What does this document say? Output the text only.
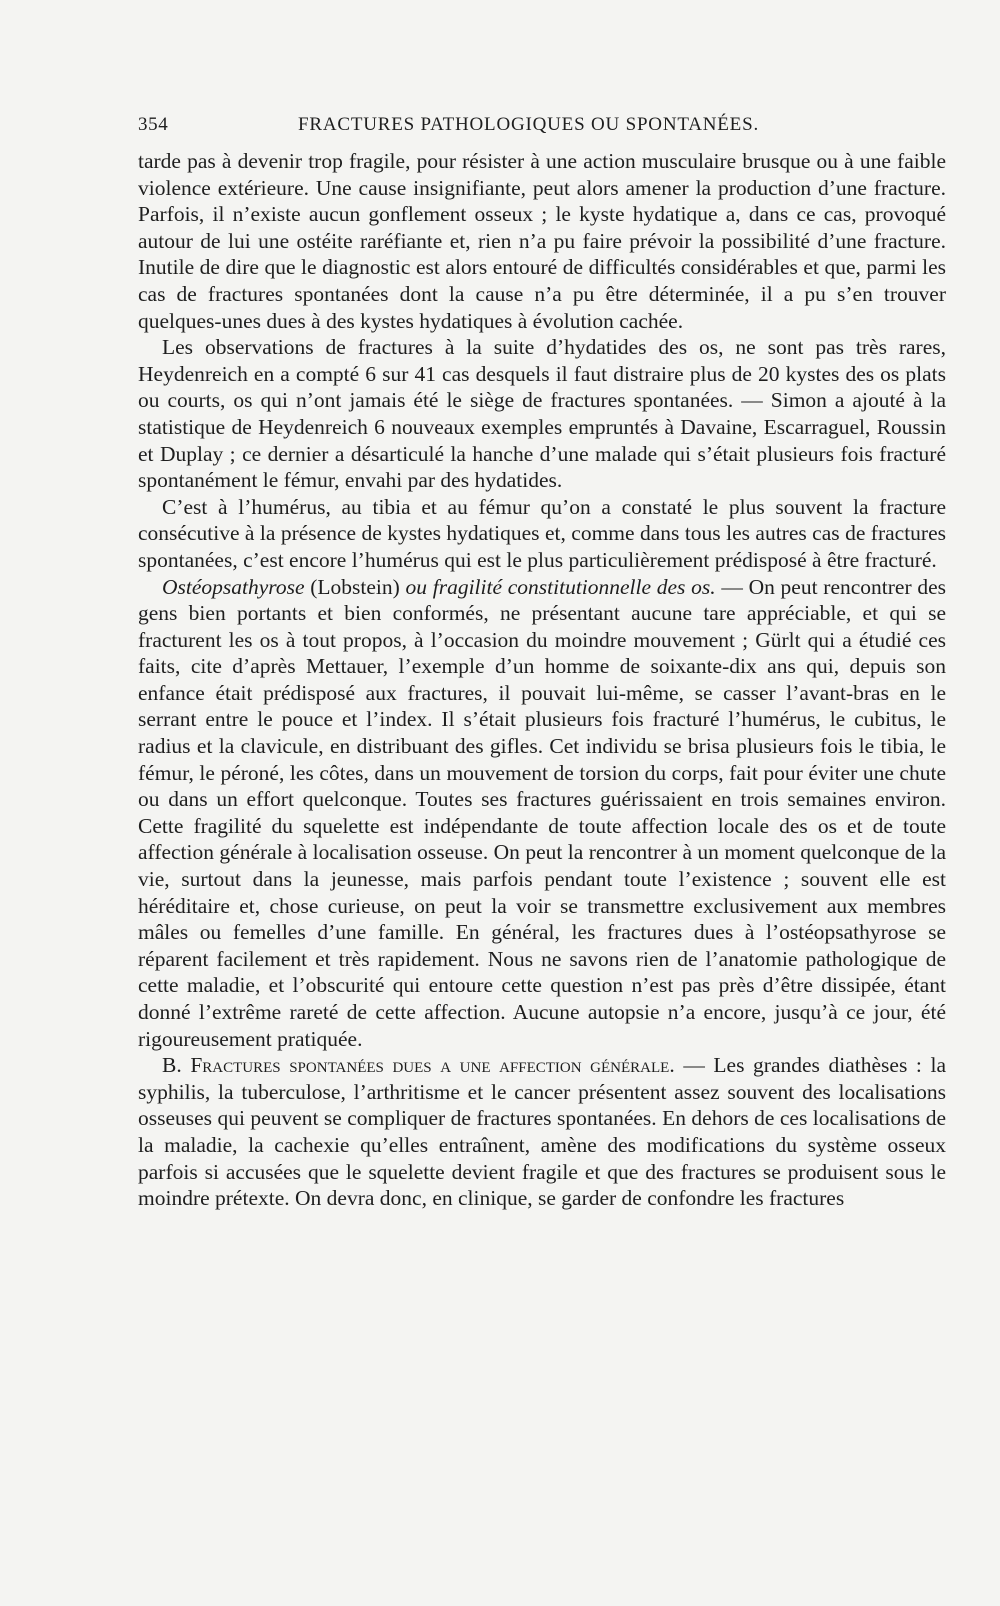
354	FRACTURES PATHOLOGIQUES OU SPONTANÉES.

tarde pas à devenir trop fragile, pour résister à une action musculaire brusque ou à une faible violence extérieure. Une cause insignifiante, peut alors amener la production d’une fracture. Parfois, il n’existe aucun gonflement osseux ; le kyste hydatique a, dans ce cas, provoqué autour de lui une ostéite raréfiante et, rien n’a pu faire prévoir la possibilité d’une fracture. Inutile de dire que le diagnostic est alors entouré de difficultés considérables et que, parmi les cas de fractures spontanées dont la cause n’a pu être déterminée, il a pu s’en trouver quelques-unes dues à des kystes hydatiques à évolution cachée.

Les observations de fractures à la suite d’hydatides des os, ne sont pas très rares, Heydenreich en a compté 6 sur 41 cas desquels il faut distraire plus de 20 kystes des os plats ou courts, os qui n’ont jamais été le siège de fractures spontanées. — Simon a ajouté à la statistique de Heydenreich 6 nouveaux exemples empruntés à Davaine, Escarraguel, Roussin et Duplay ; ce dernier a désarticulé la hanche d’une malade qui s’était plusieurs fois fracturé spontanément le fémur, envahi par des hydatides.

C’est à l’humérus, au tibia et au fémur qu’on a constaté le plus souvent la fracture consécutive à la présence de kystes hydatiques et, comme dans tous les autres cas de fractures spontanées, c’est encore l’humérus qui est le plus particulièrement prédisposé à être fracturé.

Ostéopsathyrose (Lobstein) ou fragilité constitutionnelle des os. — On peut rencontrer des gens bien portants et bien conformés, ne présentant aucune tare appréciable, et qui se fracturent les os à tout propos, à l’occasion du moindre mouvement ; Gürlt qui a étudié ces faits, cite d’après Mettauer, l’exemple d’un homme de soixante-dix ans qui, depuis son enfance était prédisposé aux fractures, il pouvait lui-même, se casser l’avant-bras en le serrant entre le pouce et l’index. Il s’était plusieurs fois fracturé l’humérus, le cubitus, le radius et la clavicule, en distribuant des gifles. Cet individu se brisa plusieurs fois le tibia, le fémur, le péroné, les côtes, dans un mouvement de torsion du corps, fait pour éviter une chute ou dans un effort quelconque. Toutes ses fractures guérissaient en trois semaines environ. Cette fragilité du squelette est indépendante de toute affection locale des os et de toute affection générale à localisation osseuse. On peut la rencontrer à un moment quelconque de la vie, surtout dans la jeunesse, mais parfois pendant toute l’existence ; souvent elle est héréditaire et, chose curieuse, on peut la voir se transmettre exclusivement aux membres mâles ou femelles d’une famille. En général, les fractures dues à l’ostéopsathyrose se réparent facilement et très rapidement. Nous ne savons rien de l’anatomie pathologique de cette maladie, et l’obscurité qui entoure cette question n’est pas près d’être dissipée, étant donné l’extrême rareté de cette affection. Aucune autopsie n’a encore, jusqu’à ce jour, été rigoureusement pratiquée.

B. Fractures spontanées dues a une affection générale. — Les grandes diathèses : la syphilis, la tuberculose, l’arthritisme et le cancer présentent assez souvent des localisations osseuses qui peuvent se compliquer de fractures spontanées. En dehors de ces localisations de la maladie, la cachexie qu’elles entraînent, amène des modifications du système osseux parfois si accusées que le squelette devient fragile et que des fractures se produisent sous le moindre prétexte. On devra donc, en clinique, se garder de confondre les fractures
